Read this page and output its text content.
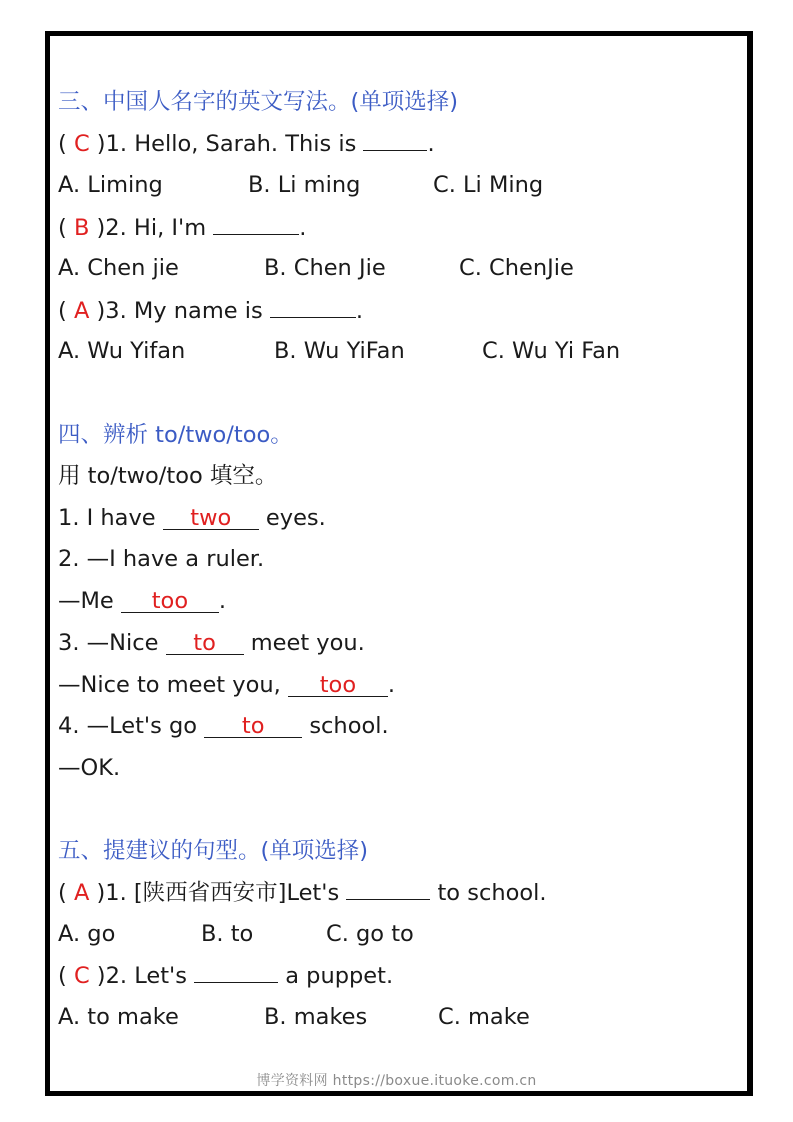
三、中国人名字的英文写法。(单项选择)
( C )1. Hello, Sarah. This is	.

A. Liming

	B. Li ming

	C. Li Ming

( B )2. Hi, I'm	.

A. Chen jie

	B. Chen Jie

	C. ChenJie

( A )3. My name is	.

A. Wu Yifan

	B. Wu YiFan

	C. Wu Yi Fan

四、辨析 to/two/too。
用 to/two/too 填空。
1. I have
two eyes.
2. —I have a ruler.
—Me
too .
3. —Nice
to meet you.
—Nice to meet you,
too .
4. —Let's go
to school.
—OK.
五、提建议的句型。(单项选择)
( A )1. [陕西省西安市]Let's	to school.

A. go

	B. to

	C. go to

( C )2. Let's	a puppet.

A. to make

	B. makes

	C. make

博学资料网 https://boxue.ituoke.com.cn
